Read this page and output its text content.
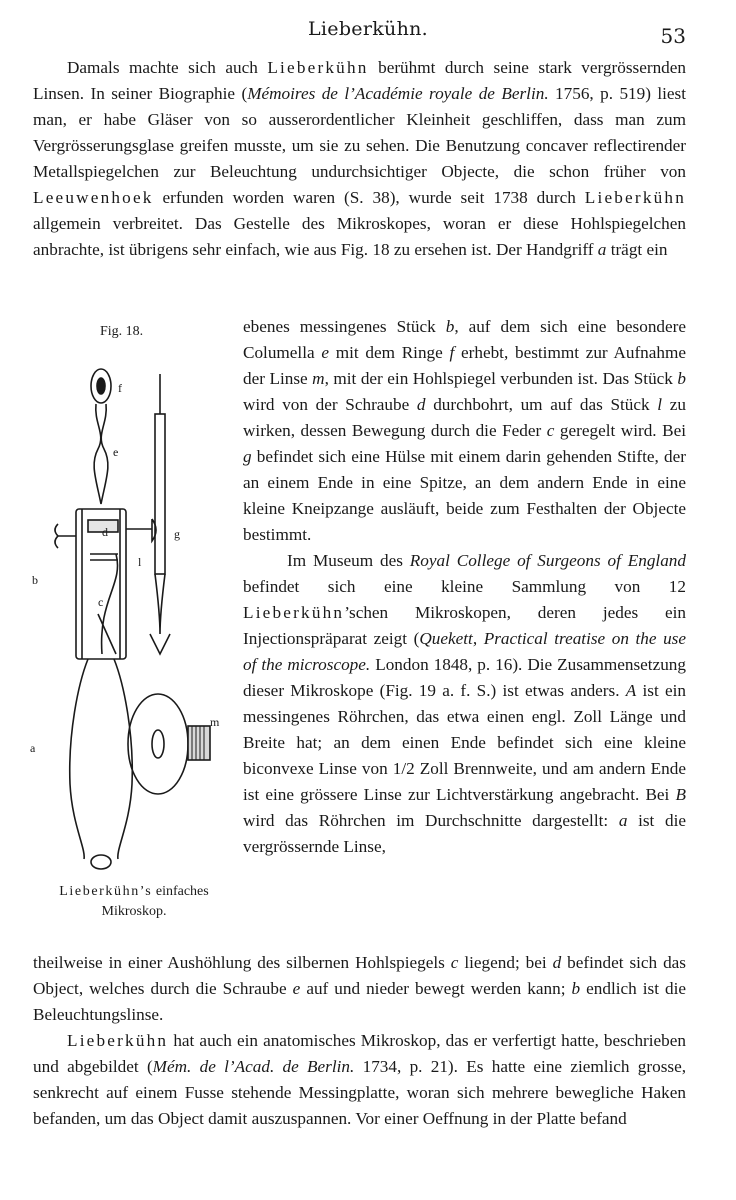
Lieberkühn.	53
Damals machte sich auch Lieberkühn berühmt durch seine stark vergrössernden Linsen. In seiner Biographie (Mémoires de l’Académie royale de Berlin. 1756, p. 519) liest man, er habe Gläser von so ausserordentlicher Kleinheit geschliffen, dass man zum Vergrösserungsglase greifen musste, um sie zu sehen. Die Benutzung concaver reflectirender Metallspiegelchen zur Beleuchtung undurchsichtiger Objecte, die schon früher von Leeuwenhoek erfunden worden waren (S. 38), wurde seit 1738 durch Lieberkühn allgemein verbreitet. Das Gestelle des Mikroskopes, woran er diese Hohlspiegelchen anbrachte, ist übrigens sehr einfach, wie aus Fig. 18 zu ersehen ist. Der Handgriff a trägt ein
Fig. 18.
f
e
d	g
l
b
c
m
a
Lieberkühn’s einfaches
Mikroskop.

ebenes messingenes Stück b, auf dem sich eine besondere Columella e mit dem Ringe f erhebt, bestimmt zur Aufnahme der Linse m, mit der ein Hohlspiegel verbunden ist. Das Stück b wird von der Schraube d durchbohrt, um auf das Stück l zu wirken, dessen Bewegung durch die Feder c geregelt wird. Bei g befindet sich eine Hülse mit einem darin gehenden Stifte, der an einem Ende in eine Spitze, an dem andern Ende in eine kleine Kneipzange ausläuft, beide zum Festhalten der Objecte bestimmt.

Im Museum des Royal College of Surgeons of England befindet sich eine kleine Sammlung von 12 Lieberkühn’schen Mikroskopen, deren jedes ein Injectionspräparat zeigt (Quekett, Practical treatise on the use of the microscope. London 1848, p. 16). Die Zusammensetzung dieser Mikroskope (Fig. 19 a. f. S.) ist etwas anders. A ist ein messingenes Röhrchen, das etwa einen engl. Zoll Länge und Breite hat; an dem einen Ende befindet sich eine kleine biconvexe Linse von 1/2 Zoll Brennweite, und am andern Ende ist eine grössere Linse zur Lichtverstärkung angebracht. Bei B wird das Röhrchen im Durchschnitte dargestellt: a ist die vergrössernde Linse,

theilweise in einer Aushöhlung des silbernen Hohlspiegels c liegend; bei d befindet sich das Object, welches durch die Schraube e auf und nieder bewegt werden kann; b endlich ist die Beleuchtungslinse.

Lieberkühn hat auch ein anatomisches Mikroskop, das er verfertigt hatte, beschrieben und abgebildet (Mém. de l’Acad. de Berlin. 1734, p. 21). Es hatte eine ziemlich grosse, senkrecht auf einem Fusse stehende Messingplatte, woran sich mehrere bewegliche Haken befanden, um das Object damit auszuspannen. Vor einer Oeffnung in der Platte befand
